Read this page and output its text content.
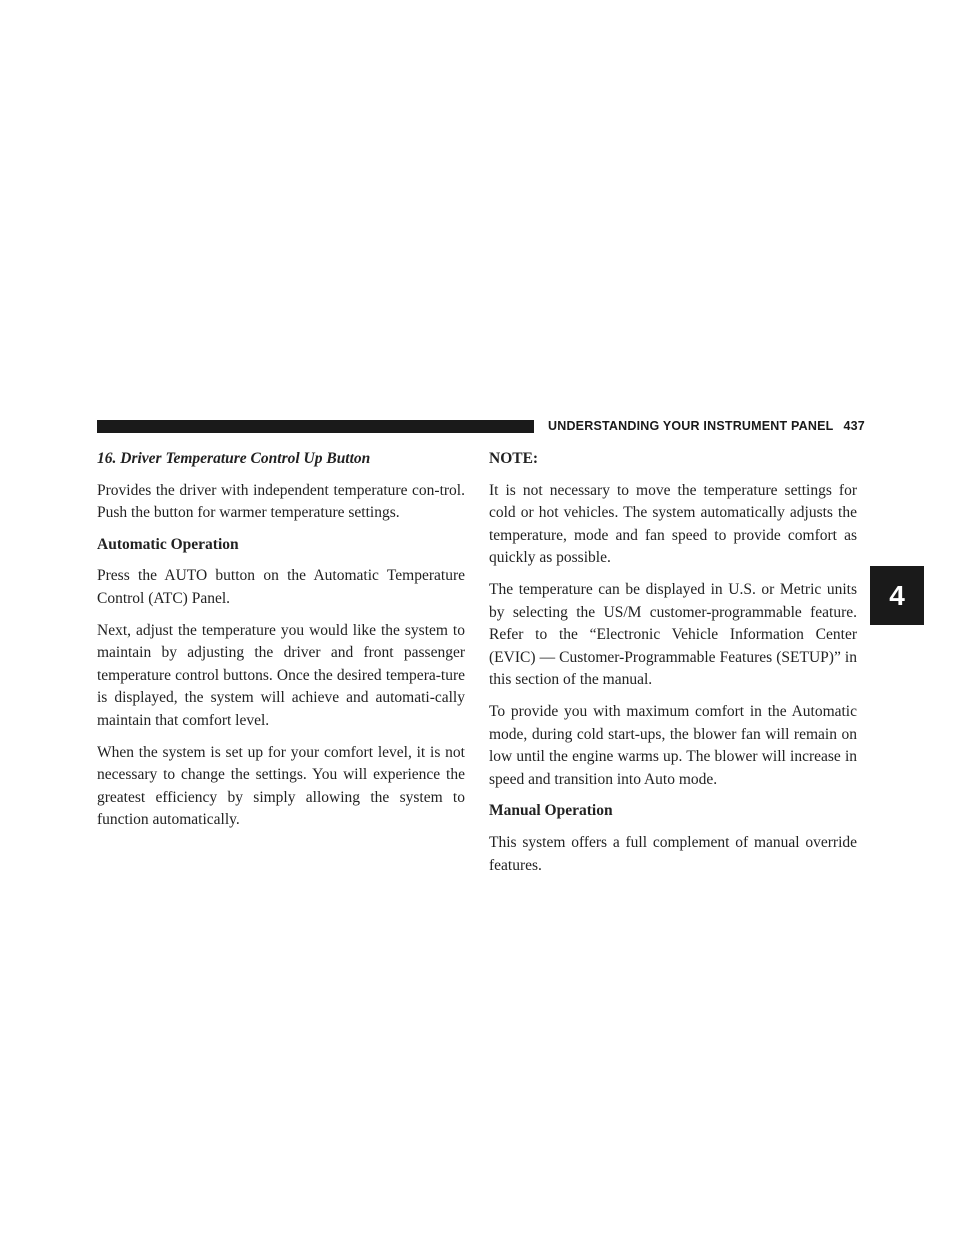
UNDERSTANDING YOUR INSTRUMENT PANEL 437
4
16. Driver Temperature Control Up Button

Provides the driver with independent temperature con-trol. Push the button for warmer temperature settings.

Automatic Operation

Press the AUTO button on the Automatic Temperature Control (ATC) Panel.

Next, adjust the temperature you would like the system to maintain by adjusting the driver and front passenger temperature control buttons. Once the desired tempera-ture is displayed, the system will achieve and automati-cally maintain that comfort level.

When the system is set up for your comfort level, it is not necessary to change the settings. You will experience the greatest efficiency by simply allowing the system to function automatically.

NOTE:

It is not necessary to move the temperature settings for cold or hot vehicles. The system automatically adjusts the temperature, mode and fan speed to provide comfort as quickly as possible.

The temperature can be displayed in U.S. or Metric units by selecting the US/M customer-programmable feature. Refer to the “Electronic Vehicle Information Center (EVIC) — Customer-Programmable Features (SETUP)” in this section of the manual.

To provide you with maximum comfort in the Automatic mode, during cold start-ups, the blower fan will remain on low until the engine warms up. The blower will increase in speed and transition into Auto mode.

Manual Operation

This system offers a full complement of manual override features.
